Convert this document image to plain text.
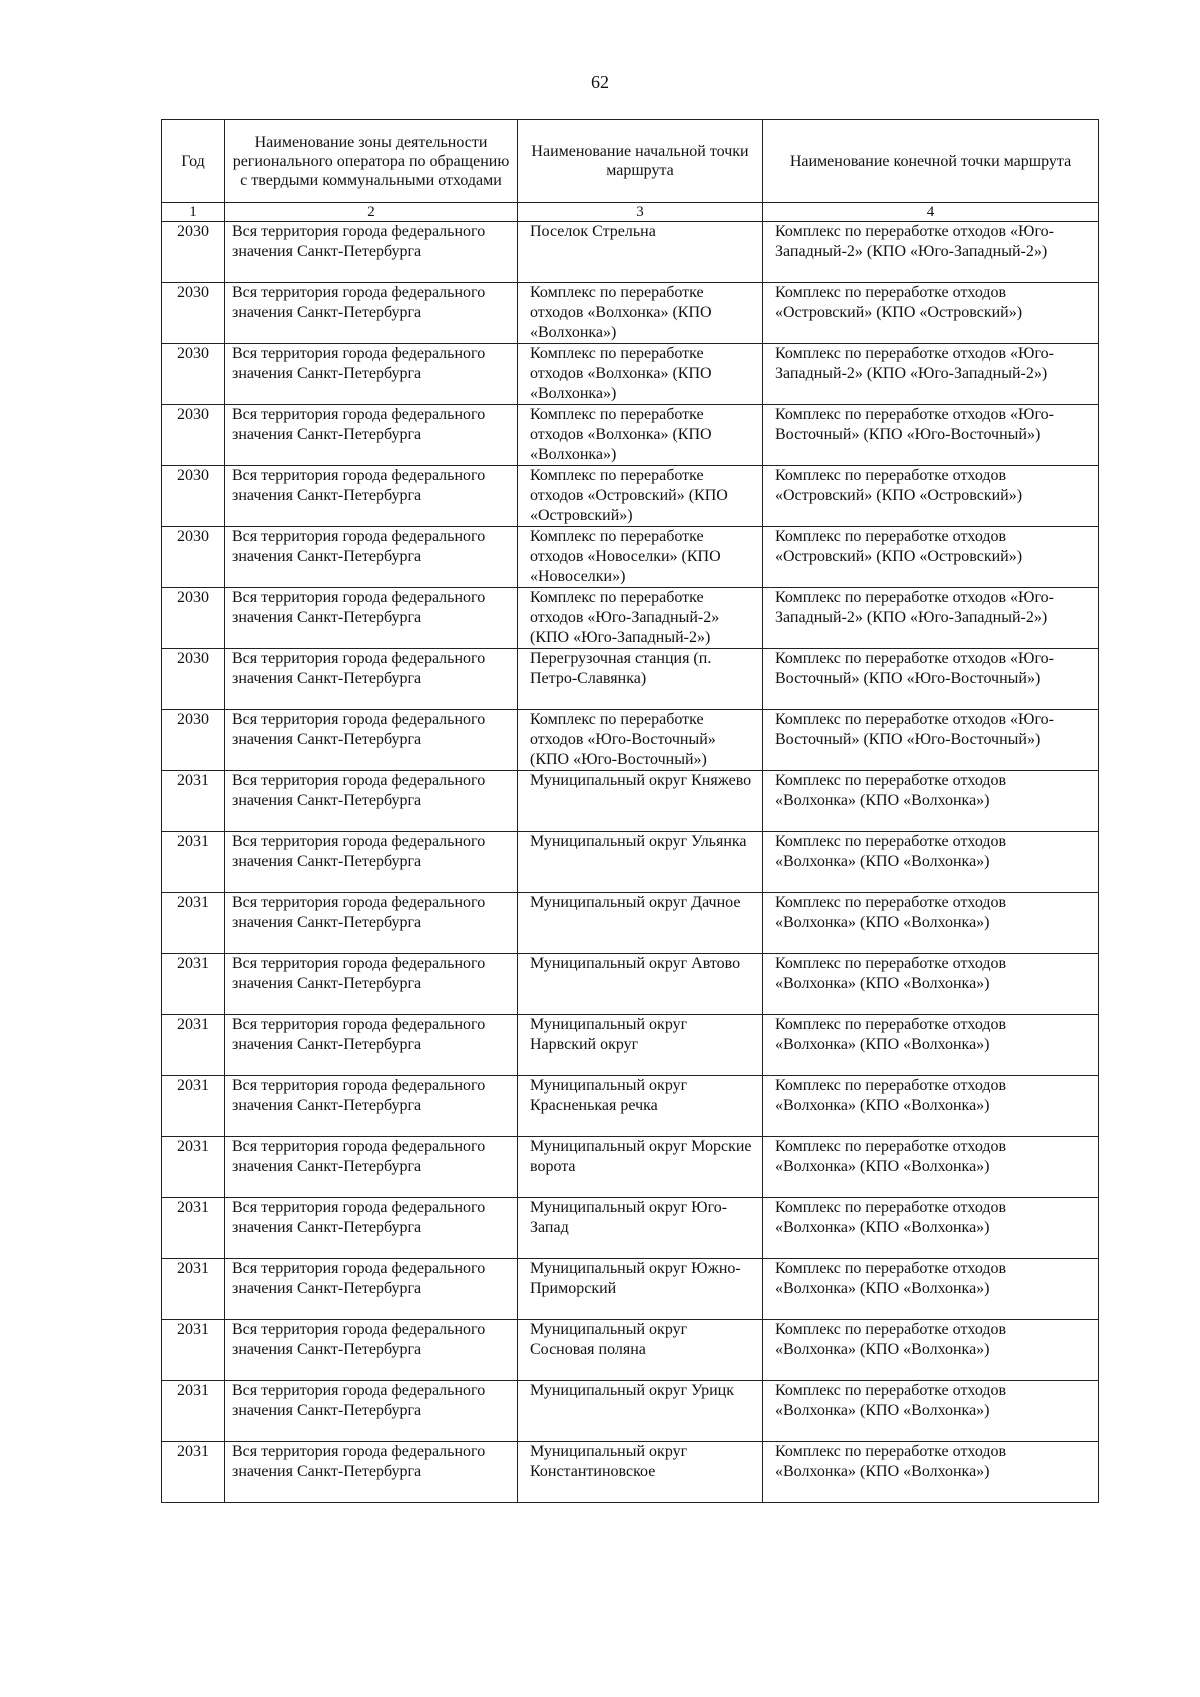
62
Год	Наименование зоны деятельности регионального оператора по обращению с твердыми коммунальными отходами	Наименование начальной точки маршрута	Наименование конечной точки маршрута
1	2	3	4
2030	Вся территория города федерального значения Санкт-Петербурга	Поселок Стрельна	Комплекс по переработке отходов «Юго-Западный-2» (КПО «Юго-Западный-2»)
2030	Вся территория города федерального значения Санкт-Петербурга	Комплекс по переработке отходов «Волхонка» (КПО «Волхонка»)	Комплекс по переработке отходов «Островский» (КПО «Островский»)
2030	Вся территория города федерального значения Санкт-Петербурга	Комплекс по переработке отходов «Волхонка» (КПО «Волхонка»)	Комплекс по переработке отходов «Юго-Западный-2» (КПО «Юго-Западный-2»)
2030	Вся территория города федерального значения Санкт-Петербурга	Комплекс по переработке отходов «Волхонка» (КПО «Волхонка»)	Комплекс по переработке отходов «Юго-Восточный» (КПО «Юго-Восточный»)
2030	Вся территория города федерального значения Санкт-Петербурга	Комплекс по переработке отходов «Островский» (КПО «Островский»)	Комплекс по переработке отходов «Островский» (КПО «Островский»)
2030	Вся территория города федерального значения Санкт-Петербурга	Комплекс по переработке отходов «Новоселки» (КПО «Новоселки»)	Комплекс по переработке отходов «Островский» (КПО «Островский»)
2030	Вся территория города федерального значения Санкт-Петербурга	Комплекс по переработке отходов «Юго-Западный-2» (КПО «Юго-Западный-2»)	Комплекс по переработке отходов «Юго-Западный-2» (КПО «Юго-Западный-2»)
2030	Вся территория города федерального значения Санкт-Петербурга	Перегрузочная станция (п. Петро-Славянка)	Комплекс по переработке отходов «Юго-Восточный» (КПО «Юго-Восточный»)
2030	Вся территория города федерального значения Санкт-Петербурга	Комплекс по переработке отходов «Юго-Восточный» (КПО «Юго-Восточный»)	Комплекс по переработке отходов «Юго-Восточный» (КПО «Юго-Восточный»)
2031	Вся территория города федерального значения Санкт-Петербурга	Муниципальный округ Княжево	Комплекс по переработке отходов «Волхонка» (КПО «Волхонка»)
2031	Вся территория города федерального значения Санкт-Петербурга	Муниципальный округ Ульянка	Комплекс по переработке отходов «Волхонка» (КПО «Волхонка»)
2031	Вся территория города федерального значения Санкт-Петербурга	Муниципальный округ Дачное	Комплекс по переработке отходов «Волхонка» (КПО «Волхонка»)
2031	Вся территория города федерального значения Санкт-Петербурга	Муниципальный округ Автово	Комплекс по переработке отходов «Волхонка» (КПО «Волхонка»)
2031	Вся территория города федерального значения Санкт-Петербурга	Муниципальный округ Нарвский округ	Комплекс по переработке отходов «Волхонка» (КПО «Волхонка»)
2031	Вся территория города федерального значения Санкт-Петербурга	Муниципальный округ Красненькая речка	Комплекс по переработке отходов «Волхонка» (КПО «Волхонка»)
2031	Вся территория города федерального значения Санкт-Петербурга	Муниципальный округ Морские ворота	Комплекс по переработке отходов «Волхонка» (КПО «Волхонка»)
2031	Вся территория города федерального значения Санкт-Петербурга	Муниципальный округ Юго-Запад	Комплекс по переработке отходов «Волхонка» (КПО «Волхонка»)
2031	Вся территория города федерального значения Санкт-Петербурга	Муниципальный округ Южно-Приморский	Комплекс по переработке отходов «Волхонка» (КПО «Волхонка»)
2031	Вся территория города федерального значения Санкт-Петербурга	Муниципальный округ Сосновая поляна	Комплекс по переработке отходов «Волхонка» (КПО «Волхонка»)
2031	Вся территория города федерального значения Санкт-Петербурга	Муниципальный округ Урицк	Комплекс по переработке отходов «Волхонка» (КПО «Волхонка»)
2031	Вся территория города федерального значения Санкт-Петербурга	Муниципальный округ Константиновское	Комплекс по переработке отходов «Волхонка» (КПО «Волхонка»)
